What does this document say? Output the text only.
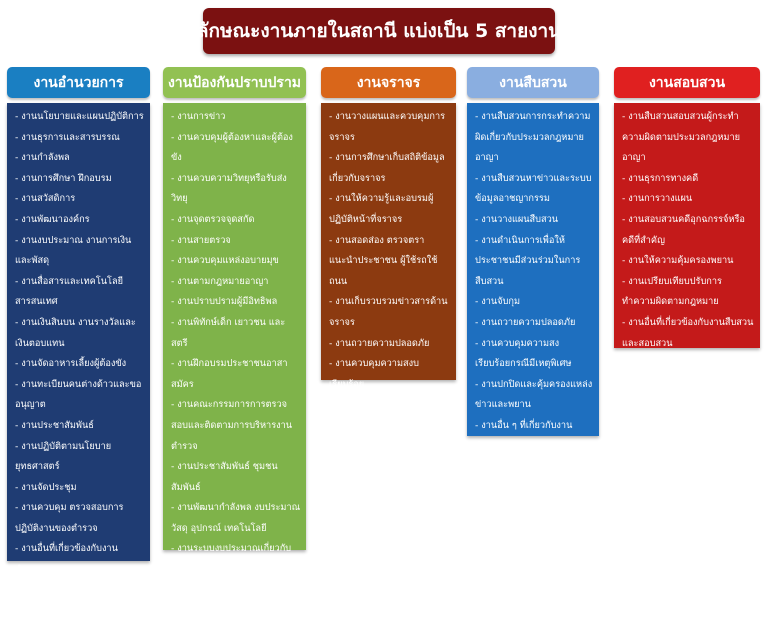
ลักษณะงานภายในสถานี แบ่งเป็น 5 สายงาน
งานอำนวยการ
- งานนโยบายและแผนปฏิบัติการ
- งานธุรการและสารบรรณ
- งานกำลังพล
- งานการศึกษา ฝึกอบรม
- งานสวัสดิการ
- งานพัฒนาองค์กร
- งานงบประมาณ งานการเงินและพัสดุ
- งานสื่อสารและเทคโนโลยีสารสนเทศ
- งานเงินสินบน งานรางวัลและเงินตอบแทน
- งานจัดอาหารเลี้ยงผู้ต้องขัง
- งานทะเบียนคนต่างด้าวและขออนุญาต
- งานประชาสัมพันธ์
- งานปฏิบัติตามนโยบายยุทธศาสตร์
- งานจัดประชุม
- งานควบคุม ตรวจสอบการปฏิบัติงานของตำรวจ
- งานอื่นที่เกี่ยวข้องกับงานอำนวยการ
งานป้องกันปราบปราม
- งานการข่าว
- งานควบคุมผู้ต้องหาและผู้ต้องขัง
- งานควบความวิทยุหรือรับส่งวิทยุ
- งานจุดตรวจจุดสกัด
- งานสายตรวจ
- งานควบคุมแหล่งอบายมุข
- งานตามกฎหมายอาญา
- งานปราบปรามผู้มีอิทธิพล
- งานพิทักษ์เด็ก เยาวชน และสตรี
- งานฝึกอบรมประชาชนอาสาสมัคร
- งานคณะกรรมการการตรวจสอบและติดตามการบริหารงานตำรวจ
- งานประชาสัมพันธ์ ชุมชนสัมพันธ์
- งานพัฒนากำลังพล งบประมาณวัสดุ อุปกรณ์ เทคโนโลยี
- งานระบบงบประมาณเกี่ยวกับงานป้องกันปราบปราม
- งานถวายความปลอดภัย
- งานควบคุมความสงบเรียบร้อย
- งานอื่นที่เกี่ยวกับงานป้องกัน
งานจราจร
- งานวางแผนและควบคุมการจราจร
- งานการศึกษาเก็บสถิติข้อมูลเกี่ยวกับจราจร
- งานให้ความรู้และอบรมผู้ปฏิบัติหน้าที่จราจร
- งานสอดส่อง ตรวจตราแนะนำประชาชน ผู้ใช้รถใช้ถนน
- งานเก็บรวบรวมข่าวสารด้านจราจร
- งานถวายความปลอดภัย
- งานควบคุมความสงบเรียบร้อย
- งานอื่นๆที่เกี่ยวข้องกับงาน
งานสืบสวน
- งานสืบสวนการกระทำความผิดเกี่ยวกับประมวลกฎหมายอาญา
- งานสืบสวนหาข่าวและระบบข้อมูลอาชญากรรม
- งานวางแผนสืบสวน
- งานดำเนินการเพื่อให้ประชาชนมีส่วนร่วมในการสืบสวน
- งานจับกุม
- งานถวายความปลอดภัย
- งานควบคุมความสงเรียบร้อยกรณีมีเหตุพิเศษ
- งานปกปิดและคุ้มครองแหล่งข่าวและพยาน
- งานอื่น ๆ ที่เกี่ยวกับงานสืบสวน
งานสอบสวน
- งานสืบสวนสอบสวนผู้กระทำความผิดตามประมวลกฎหมายอาญา
- งานธุรการทางคดี
- งานการวางแผน
- งานสอบสวนคดีอุกฉกรรจ์หรือคดีที่สำคัญ
- งานให้ความคุ้มครองพยาน
- งานเปรียบเทียบปรับการทำความผิดตามกฎหมาย
- งานอื่นที่เกี่ยวข้องกับงานสืบสวนและสอบสวน
